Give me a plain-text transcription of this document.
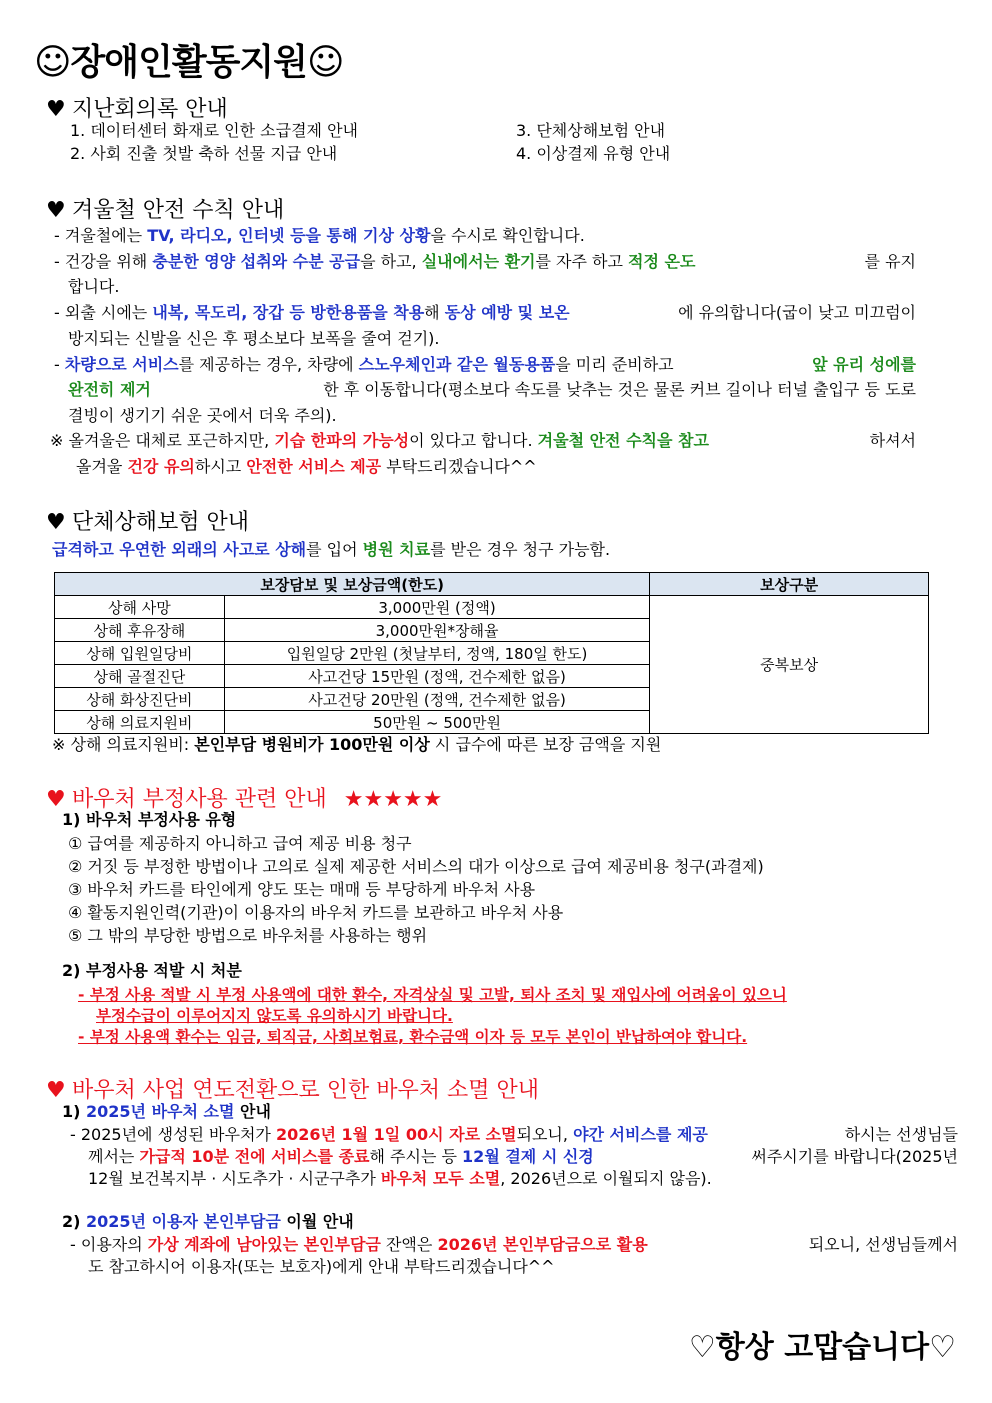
☺장애인활동지원☺
♥ 지난회의록 안내
1. 데이터센터 화재로 인한 소급결제 안내
2. 사회 진출 첫발 축하 선물 지급 안내
3. 단체상해보험 안내
4. 이상결제 유형 안내
♥ 겨울철 안전 수칙 안내
- 겨울철에는 TV, 라디오, 인터넷 등을 통해 기상 상황을 수시로 확인합니다.
- 건강을 위해 충분한 영양 섭취와 수분 공급을 하고, 실내에서는 환기를 자주 하고 적정 온도	를 유지
합니다.
- 외출 시에는 내복, 목도리, 장갑 등 방한용품을 착용해 동상 예방 및 보온	에 유의합니다(굽이 낮고 미끄럼이
방지되는 신발을 신은 후 평소보다 보폭을 줄여 걷기).
- 차량으로 서비스를 제공하는 경우, 차량에 스노우체인과 같은 월동용품을 미리 준비하고	앞 유리 성에를
완전히 제거	한 후 이동합니다(평소보다 속도를 낮추는 것은 물론 커브 길이나 터널 출입구 등 도로
결빙이 생기기 쉬운 곳에서 더욱 주의).
※ 올겨울은 대체로 포근하지만, 기습 한파의 가능성이 있다고 합니다. 겨울철 안전 수칙을 참고	하셔서
올겨울 건강 유의하시고 안전한 서비스 제공 부탁드리겠습니다^^
♥ 단체상해보험 안내
급격하고 우연한 외래의 사고로 상해를 입어 병원 치료를 받은 경우 청구 가능함.
보장담보 및 보상금액(한도)		보상구분
상해 사망	3,000만원 (정액)	중복보상
상해 후유장해	3,000만원*장해율	
상해 입원일당비	입원일당 2만원 (첫날부터, 정액, 180일 한도)	
상해 골절진단	사고건당 15만원 (정액, 건수제한 없음)	
상해 화상진단비	사고건당 20만원 (정액, 건수제한 없음)	
상해 의료지원비	50만원 ~ 500만원	
※ 상해 의료지원비: 본인부담 병원비가 100만원 이상 시 급수에 따른 보장 금액을 지원
♥ 바우처 부정사용 관련 안내 ★★★★★
1) 바우처 부정사용 유형
① 급여를 제공하지 아니하고 급여 제공 비용 청구
② 거짓 등 부정한 방법이나 고의로 실제 제공한 서비스의 대가 이상으로 급여 제공비용 청구(과결제)
③ 바우처 카드를 타인에게 양도 또는 매매 등 부당하게 바우처 사용
④ 활동지원인력(기관)이 이용자의 바우처 카드를 보관하고 바우처 사용
⑤ 그 밖의 부당한 방법으로 바우처를 사용하는 행위
2) 부정사용 적발 시 처분
- 부정 사용 적발 시 부정 사용액에 대한 환수, 자격상실 및 고발, 퇴사 조치 및 재입사에 어려움이 있으니
부정수급이 이루어지지 않도록 유의하시기 바랍니다.
- 부정 사용액 환수는 임금, 퇴직금, 사회보험료, 환수금액 이자 등 모두 본인이 반납하여야 합니다.
♥ 바우처 사업 연도전환으로 인한 바우처 소멸 안내
1) 2025년 바우처 소멸 안내
- 2025년에 생성된 바우처가 2026년 1월 1일 00시 자로 소멸되오니, 야간 서비스를 제공	하시는 선생님들
께서는 가급적 10분 전에 서비스를 종료해 주시는 등 12월 결제 시 신경	써주시기를 바랍니다(2025년
12월 보건복지부 · 시도추가 · 시군구추가 바우처 모두 소멸, 2026년으로 이월되지 않음).
2) 2025년 이용자 본인부담금 이월 안내
- 이용자의 가상 계좌에 남아있는 본인부담금 잔액은 2026년 본인부담금으로 활용	되오니, 선생님들께서
도 참고하시어 이용자(또는 보호자)에게 안내 부탁드리겠습니다^^
♡항상 고맙습니다♡
